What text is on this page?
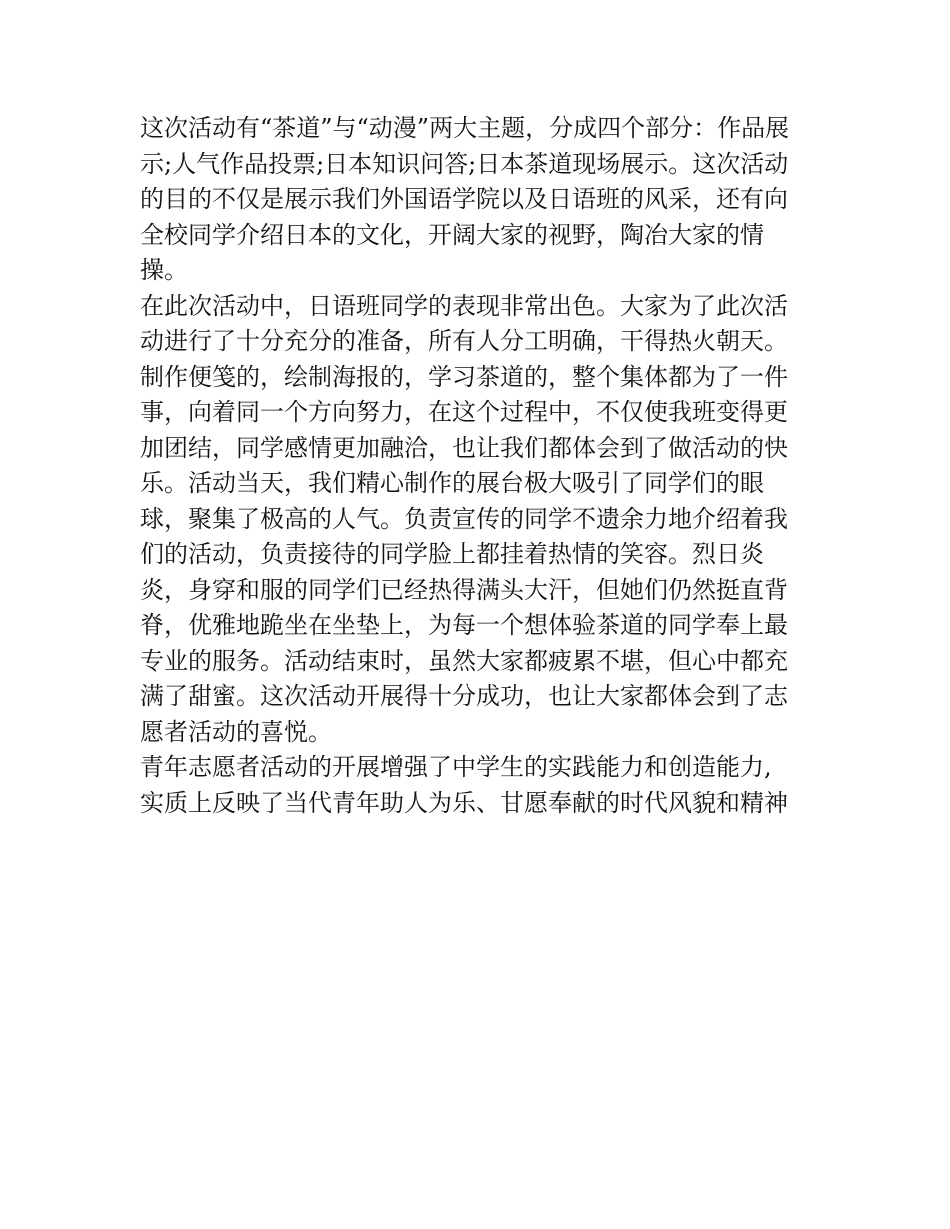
这次活动有“茶道”与“动漫”两大主题，分成四个部分：作品展

示;人气作品投票;日本知识问答;日本茶道现场展示。这次活动

的目的不仅是展示我们外国语学院以及日语班的风采，还有向

全校同学介绍日本的文化，开阔大家的视野，陶冶大家的情

操。

在此次活动中，日语班同学的表现非常出色。大家为了此次活

动进行了十分充分的准备，所有人分工明确，干得热火朝天。

制作便笺的，绘制海报的，学习茶道的，整个集体都为了一件

事，向着同一个方向努力，在这个过程中，不仅使我班变得更

加团结，同学感情更加融洽，也让我们都体会到了做活动的快

乐。活动当天，我们精心制作的展台极大吸引了同学们的眼

球，聚集了极高的人气。负责宣传的同学不遗余力地介绍着我

们的活动，负责接待的同学脸上都挂着热情的笑容。烈日炎

炎，身穿和服的同学们已经热得满头大汗，但她们仍然挺直背

脊，优雅地跪坐在坐垫上，为每一个想体验茶道的同学奉上最

专业的服务。活动结束时，虽然大家都疲累不堪，但心中都充

满了甜蜜。这次活动开展得十分成功，也让大家都体会到了志

愿者活动的喜悦。

青年志愿者活动的开展增强了中学生的实践能力和创造能力,

实质上反映了当代青年助人为乐、甘愿奉献的时代风貌和精神
